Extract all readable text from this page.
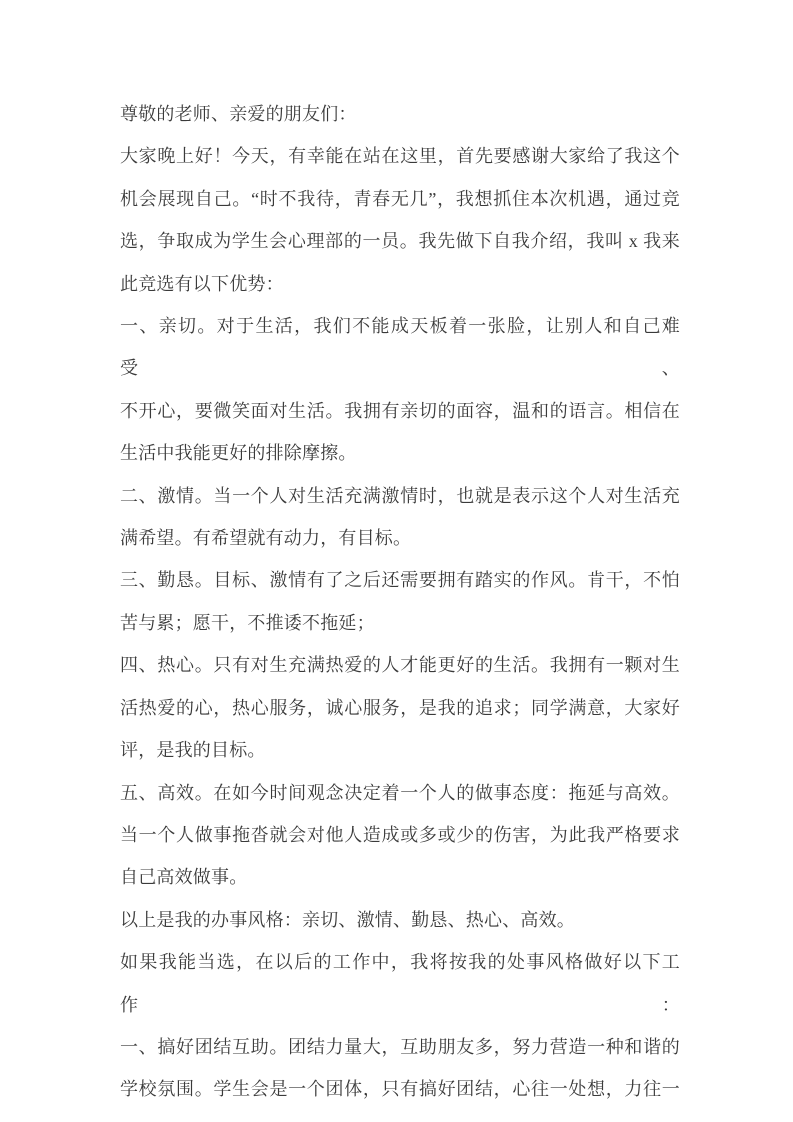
尊敬的老师、亲爱的朋友们：
大家晚上好！今天，有幸能在站在这里，首先要感谢大家给了我这个
机会展现自己。“时不我待，青春无几”，我想抓住本次机遇，通过竞
选，争取成为学生会心理部的一员。我先做下自我介绍，我叫 x 我来
此竞选有以下优势：
一、亲切。对于生活，我们不能成天板着一张脸，让别人和自己难受、
不开心，要微笑面对生活。我拥有亲切的面容，温和的语言。相信在
生活中我能更好的排除摩擦。
二、激情。当一个人对生活充满激情时，也就是表示这个人对生活充
满希望。有希望就有动力，有目标。
三、勤恳。目标、激情有了之后还需要拥有踏实的作风。肯干，不怕
苦与累；愿干，不推诿不拖延；
四、热心。只有对生充满热爱的人才能更好的生活。我拥有一颗对生
活热爱的心，热心服务，诚心服务，是我的追求；同学满意，大家好
评，是我的目标。
五、高效。在如今时间观念决定着一个人的做事态度：拖延与高效。
当一个人做事拖沓就会对他人造成或多或少的伤害，为此我严格要求
自己高效做事。
以上是我的办事风格：亲切、激情、勤恳、热心、高效。
如果我能当选，在以后的工作中，我将按我的处事风格做好以下工作：
一、搞好团结互助。团结力量大，互助朋友多，努力营造一种和谐的
学校氛围。学生会是一个团体，只有搞好团结，心往一处想，力往一
